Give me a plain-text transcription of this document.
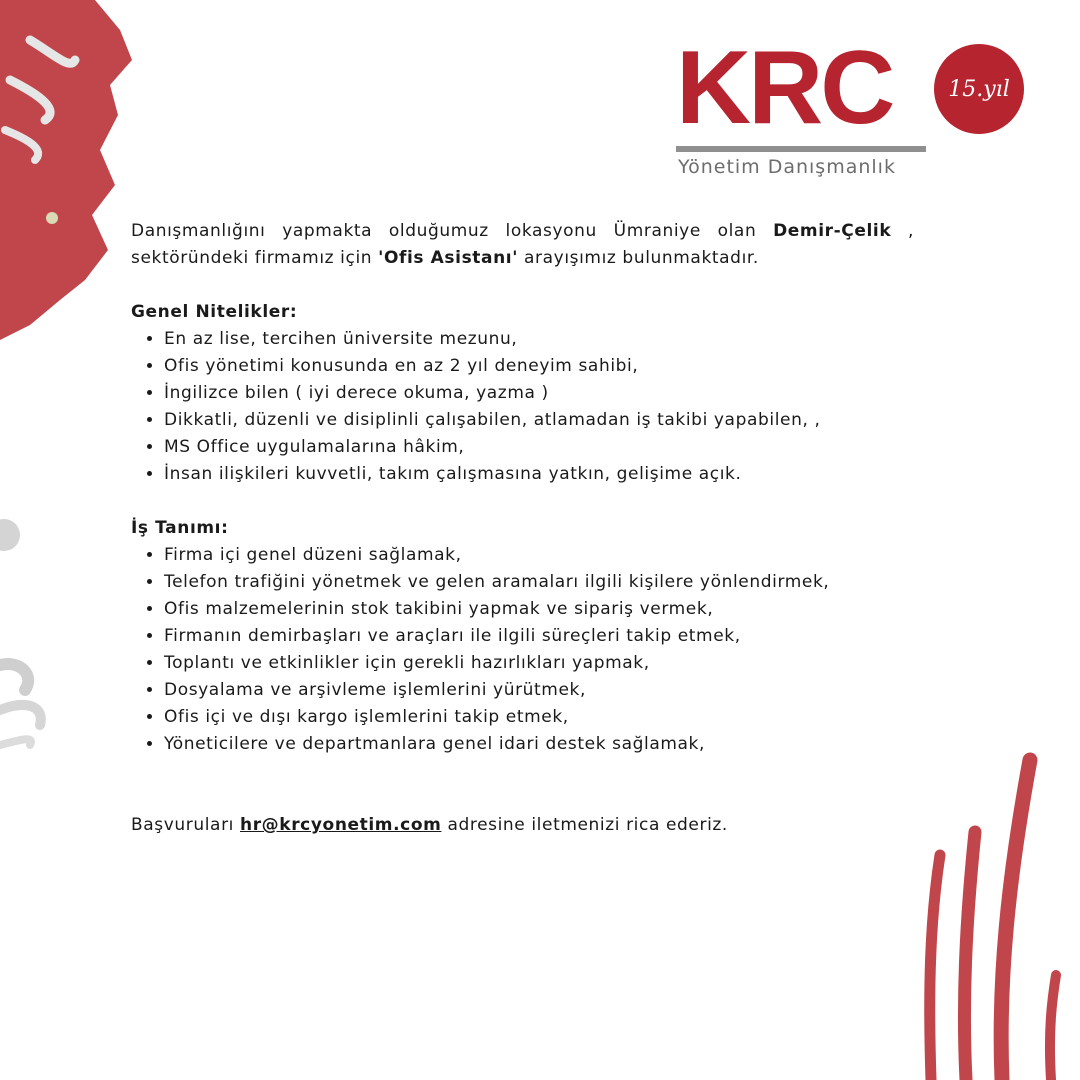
KRC	15.yıl
Yönetim Danışmanlık

Danışmanlığını yapmakta olduğumuz lokasyonu Ümraniye olan Demir-Çelik , sektöründeki firmamız için 'Ofis Asistanı' arayışımız bulunmaktadır.

Genel Nitelikler:
• En az lise, tercihen üniversite mezunu,
• Ofis yönetimi konusunda en az 2 yıl deneyim sahibi,
• İngilizce bilen ( iyi derece okuma, yazma )
• Dikkatli, düzenli ve disiplinli çalışabilen, atlamadan iş takibi yapabilen, ,
• MS Office uygulamalarına hâkim,
• İnsan ilişkileri kuvvetli, takım çalışmasına yatkın, gelişime açık.
İş Tanımı:
• Firma içi genel düzeni sağlamak,
• Telefon trafiğini yönetmek ve gelen aramaları ilgili kişilere yönlendirmek,
• Ofis malzemelerinin stok takibini yapmak ve sipariş vermek,
• Firmanın demirbaşları ve araçları ile ilgili süreçleri takip etmek,
• Toplantı ve etkinlikler için gerekli hazırlıkları yapmak,
• Dosyalama ve arşivleme işlemlerini yürütmek,
• Ofis içi ve dışı kargo işlemlerini takip etmek,
• Yöneticilere ve departmanlara genel idari destek sağlamak,

Başvuruları hr@krcyonetim.com adresine iletmenizi rica ederiz.
